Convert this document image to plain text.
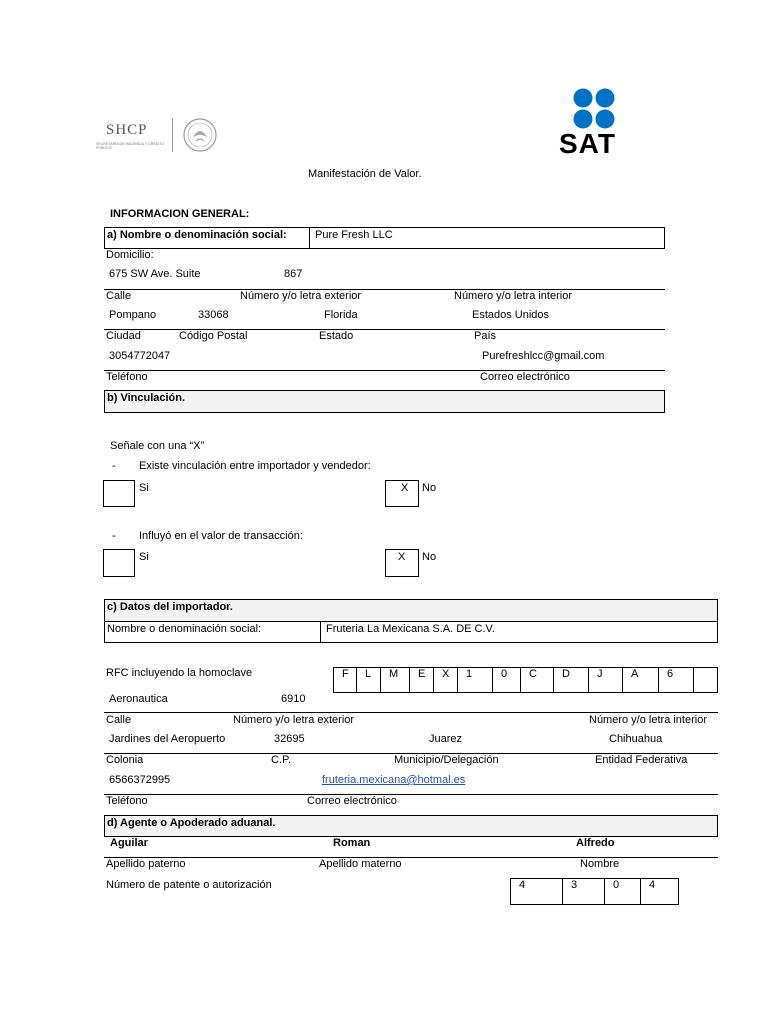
SHCP
SECRETARÍA DE HACIENDA Y CRÉDITO PÚBLICO	SAT
Manifestación de Valor.
INFORMACION GENERAL:
a) Nombre o denominación social:	Pure Fresh LLC
Domicilio:
675 SW Ave. Suite	867
Calle	Número y/o letra exterior	Número y/o letra interior
Pompano	33068	Florida	Estados Unidos
Ciudad	Código Postal	Estado	País
3054772047	Purefreshlcc@gmail.com
Teléfono	Correo electrónico
b) Vinculación.
Señale con una “X”
- Existe vinculación entre importador y vendedor:
Si	X No
- Influyó en el valor de transacción:
Si	X No
c) Datos del importador.
Nombre o denominación social:	Fruteria La Mexicana S.A. DE C.V.
RFC incluyendo la homoclave	F	L	M	E	X	1	0	C	D	J	A	6
Aeronautica	6910
Calle	Número y/o letra exterior	Número y/o letra interior
Jardines del Aeropuerto	32695	Juarez	Chihuahua
Colonia	C.P.	Municipio/Delegación	Entidad Federativa
6566372995	fruteria.mexicana@hotmal.es
Teléfono	Correo electrónico
d) Agente o Apoderado aduanal.
Aguilar	Roman	Alfredo
Apellido paterno	Apellido materno	Nombre
Número de patente o autorización	4	3	0	4
